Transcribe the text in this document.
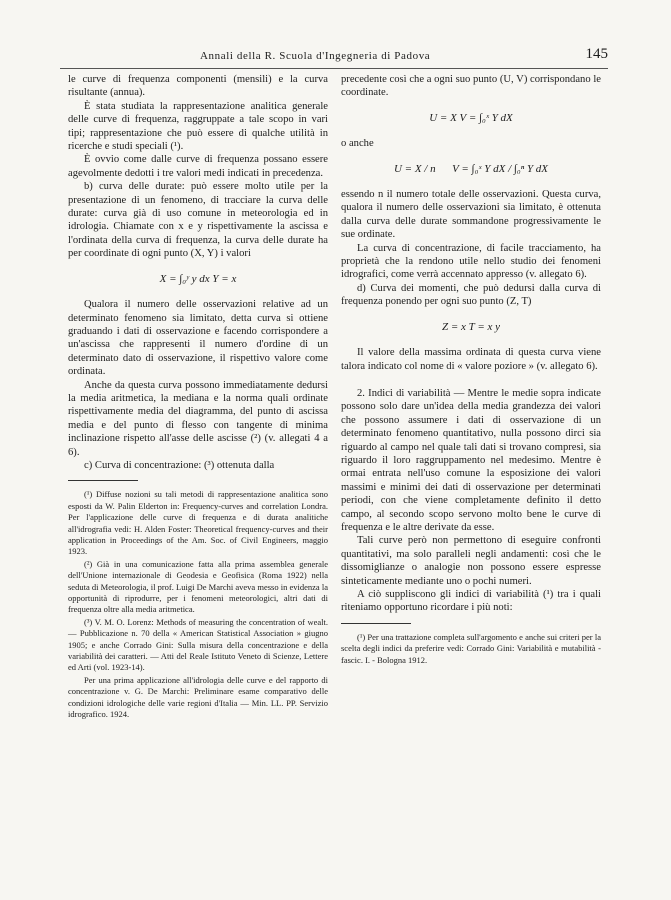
Annali della R. Scuola d'Ingegneria di Padova	145

le curve di frequenza componenti (mensili) e la curva risultante (annua).

È stata studiata la rappresentazione analitica generale delle curve di frequenza, raggruppate a tale scopo in vari tipi; rappresentazione che può essere di qualche utilità in ricerche e studi speciali (¹).

È ovvio come dalle curve di frequenza possano essere agevolmente dedotti i tre valori medi indicati in precedenza.

b) curva delle durate: può essere molto utile per la presentazione di un fenomeno, di tracciare la curva delle durate: curva già di uso comune in meteorologia ed in idrologia. Chiamate con x e y rispettivamente la ascissa e l'ordinata della curva di frequenza, la curva delle durate ha per coordinate di ogni punto (X, Y) i valori

X = ∫₀ʸ y dx Y = x

Qualora il numero delle osservazioni relative ad un determinato fenomeno sia limitato, detta curva si ottiene graduando i dati di osservazione e facendo corrispondere a un'ascissa che rappresenti il numero d'ordine di un determinato dato di osservazione, il rispettivo valore come ordinata.

Anche da questa curva possono immediatamente dedursi la media aritmetica, la mediana e la norma quali ordinate rispettivamente media del diagramma, del punto di ascissa media e del punto di flesso con tangente di minima inclinazione rispetto all'asse delle ascisse (²) (v. allegati 4 a 6).

c) Curva di concentrazione: (³) ottenuta dalla

(¹) Diffuse nozioni su tali metodi di rappresentazione analitica sono esposti da W. Palin Elderton in: Frequency-curves and correlation Londra. Per l'applicazione delle curve di frequenza e di durata analitiche all'idrografia vedi: H. Alden Foster: Theoretical frequency-curves and their application in Proceedings of the Am. Soc. of Civil Engineers, maggio 1923.

(²) Già in una comunicazione fatta alla prima assemblea generale dell'Unione internazionale di Geodesia e Geofisica (Roma 1922) nella seduta di Meteorologia, il prof. Luigi De Marchi aveva messo in evidenza la opportunità di riprodurre, per i fenomeni meteorologici, altri dati di frequenza oltre alla media aritmetica.

(³) V. M. O. Lorenz: Methods of measuring the concentration of wealt. — Pubblicazione n. 70 della « American Statistical Association » giugno 1905; e anche Corrado Gini: Sulla misura della concentrazione e della variabilità dei caratteri. — Atti del Reale Istituto Veneto di Scienze, Lettere ed Arti (vol. 1923-14).

Per una prima applicazione all'idrologia delle curve e del rapporto di concentrazione v. G. De Marchi: Preliminare esame comparativo delle condizioni idrologiche delle varie regioni d'Italia — Min. LL. PP. Servizio idrografico. 1924.

precedente così che a ogni suo punto (U, V) corrispondano le coordinate.

U = X V = ∫₀ˣ Y dX

o anche

U = X / n V = ∫₀ˣ Y dX / ∫₀ⁿ Y dX

essendo n il numero totale delle osservazioni. Questa curva, qualora il numero delle osservazioni sia limitato, è ottenuta dalla curva delle durate sommandone progressivamente le sue ordinate.

La curva di concentrazione, di facile tracciamento, ha proprietà che la rendono utile nello studio dei fenomeni idrografici, come verrà accennato appresso (v. allegato 6).

d) Curva dei momenti, che può dedursi dalla curva di frequenza ponendo per ogni suo punto (Z, T)

Z = x T = x y

Il valore della massima ordinata di questa curva viene talora indicato col nome di « valore poziore » (v. allegato 6).

2. Indici di variabilità — Mentre le medie sopra indicate possono solo dare un'idea della media grandezza dei valori che possono assumere i dati di osservazione di un determinato fenomeno quantitativo, nulla possono dirci sia riguardo al campo nel quale tali dati si trovano compresi, sia riguardo il loro raggruppamento nel medesimo. Mentre è ormai entrata nell'uso comune la esposizione dei valori massimi e minimi dei dati di osservazione per determinati periodi, con che viene completamente definito il detto campo, al secondo scopo servono molto bene le curve di frequenza e le altre derivate da esse.

Tali curve però non permettono di eseguire confronti quantitativi, ma solo paralleli negli andamenti: così che le dissomiglianze o analogie non possono essere espresse sinteticamente mediante uno o pochi numeri.

A ciò suppliscono gli indici di variabilità (¹) tra i quali riteniamo opportuno ricordare i più noti:

(¹) Per una trattazione completa sull'argomento e anche sui criteri per la scelta degli indici da preferire vedi: Corrado Gini: Variabilità e mutabilità - fascic. I. - Bologna 1912.
